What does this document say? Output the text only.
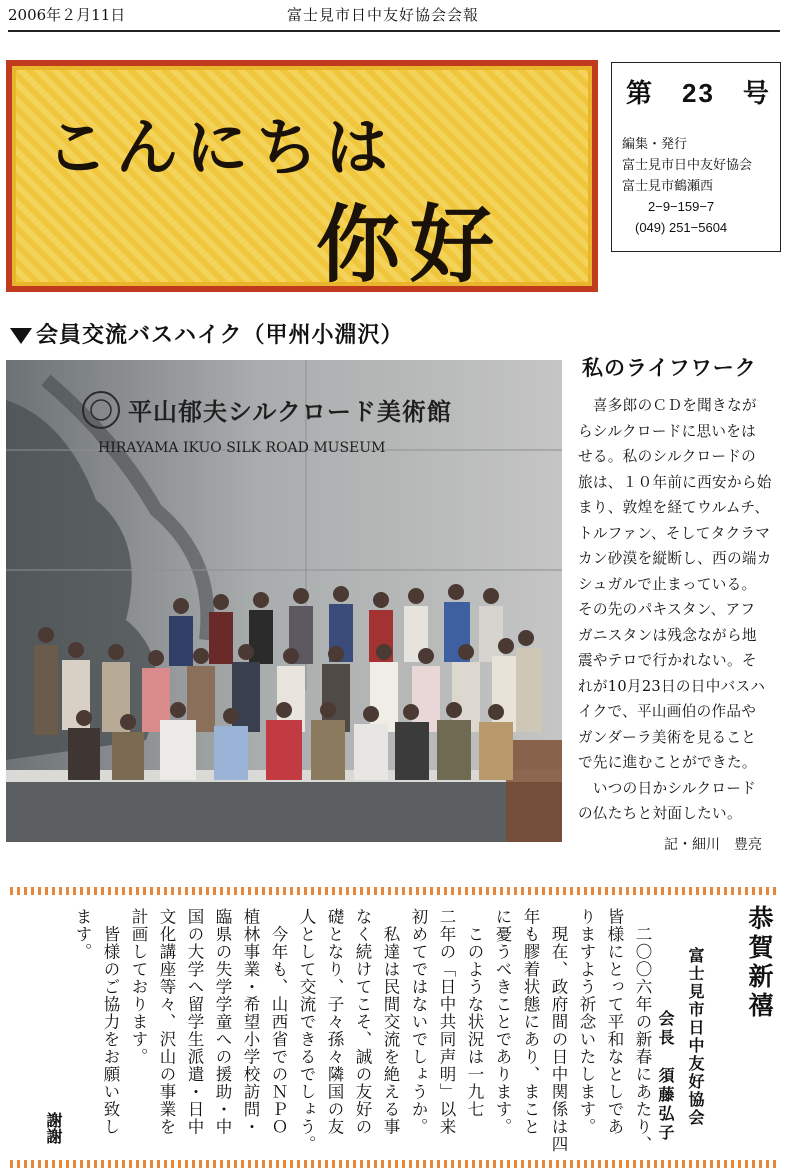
2006年２月11日	富士見市日中友好協会会報
こんにちは
你好
第　23　号
編集・発行
富士見市日中友好協会
富士見市鶴瀬西
　　2−9−159−7
　(049) 251−5604
会員交流バスハイク（甲州小淵沢）
HIRAYAMA IKUO SILK ROAD MUSEUM
平山郁夫シルクロード美術館
私のライフワーク
　喜多郎のＣＤを聞きなが
らシルクロードに思いをは
せる。私のシルクロードの
旅は、１０年前に西安から始
まり、敦煌を経てウルムチ、
トルファン、そしてタクラマ
カン砂漠を縦断し、西の端カ
シュガルで止まっている。
その先のパキスタン、アフ
ガニスタンは残念ながら地
震やテロで行かれない。そ
れが10月23日の日中バスハ
イクで、平山画伯の作品や
ガンダーラ美術を見ること
で先に進むことができた。
　いつの日かシルクロード
の仏たちと対面したい。
記・細川　豊亮
恭賀新禧
富士見市日中友好協会
会長　須藤弘子
　二〇〇六年の新春にあたり、
皆様にとって平和なとしであ
りますよう祈念いたします。
　現在、政府間の日中関係は四
年も膠着状態にあり、まこと
に憂うべきことであります。
　このような状況は一九七
二年の「日中共同声明」以来
初めてではないでしょうか。
　私達は民間交流を絶える事
なく続けてこそ、誠の友好の
礎となり、子々孫々隣国の友
人として交流できるでしょう。
　今年も、山西省でのＮＰＯ
植林事業・希望小学校訪問・
臨県の失学学童への援助・中
国の大学へ留学生派遣・日中
文化講座等々、沢山の事業を
計画しております。
　皆様のご協力をお願い致し
ます。
謝謝
